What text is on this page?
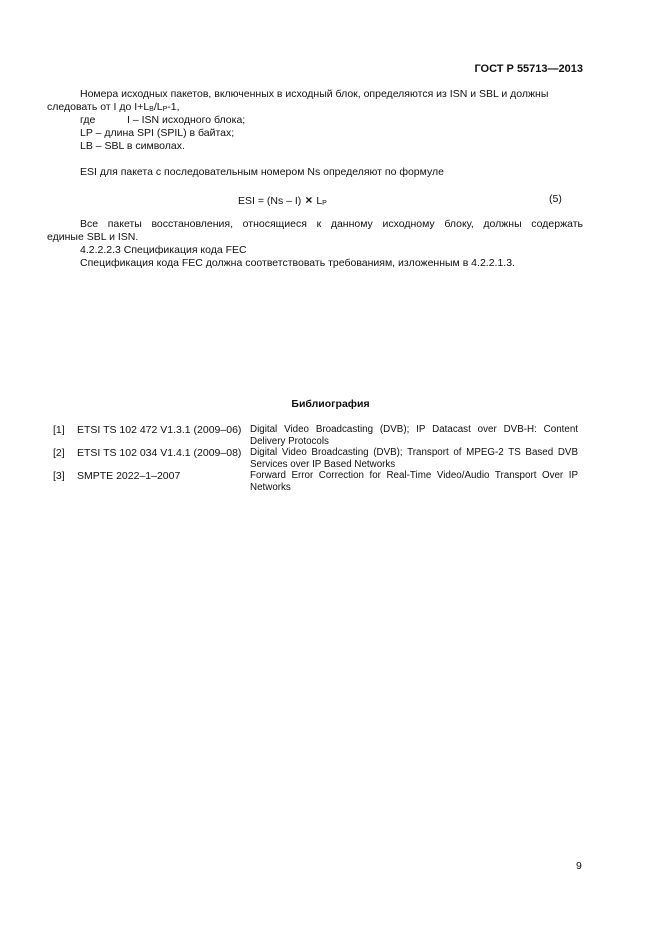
ГОСТ Р 55713—2013
Номера исходных пакетов, включенных в исходный блок, определяются из ISN и SBL и должны
следовать от I до $I+L_B/L_P-1$,
где	I – ISN исходного блока;
LP – длина SPI (SPIL) в байтах;
LB – SBL в символах.
ESI для пакета с последовательным номером Ns определяют по формуле
ESI = $(Ns - I) \times L_P$	(5)
Все пакеты восстановления, относящиеся к данному исходному блоку, должны содержать
единые SBL и ISN.
4.2.2.2.3 Спецификация кода FEC
Спецификация кода FEC должна соответствовать требованиям, изложенным в 4.2.2.1.3.
Библиография
[1] ETSI TS 102 472 V1.3.1 (2009–06) Digital Video Broadcasting (DVB); IP Datacast over DVB-H: Content Delivery Protocols
[2] ETSI TS 102 034 V1.4.1 (2009–08) Digital Video Broadcasting (DVB); Transport of MPEG-2 TS Based DVB Services over IP Based Networks
[3] SMPTE 2022–1–2007	Forward Error Correction for Real-Time Video/Audio Transport Over IP Networks
9
